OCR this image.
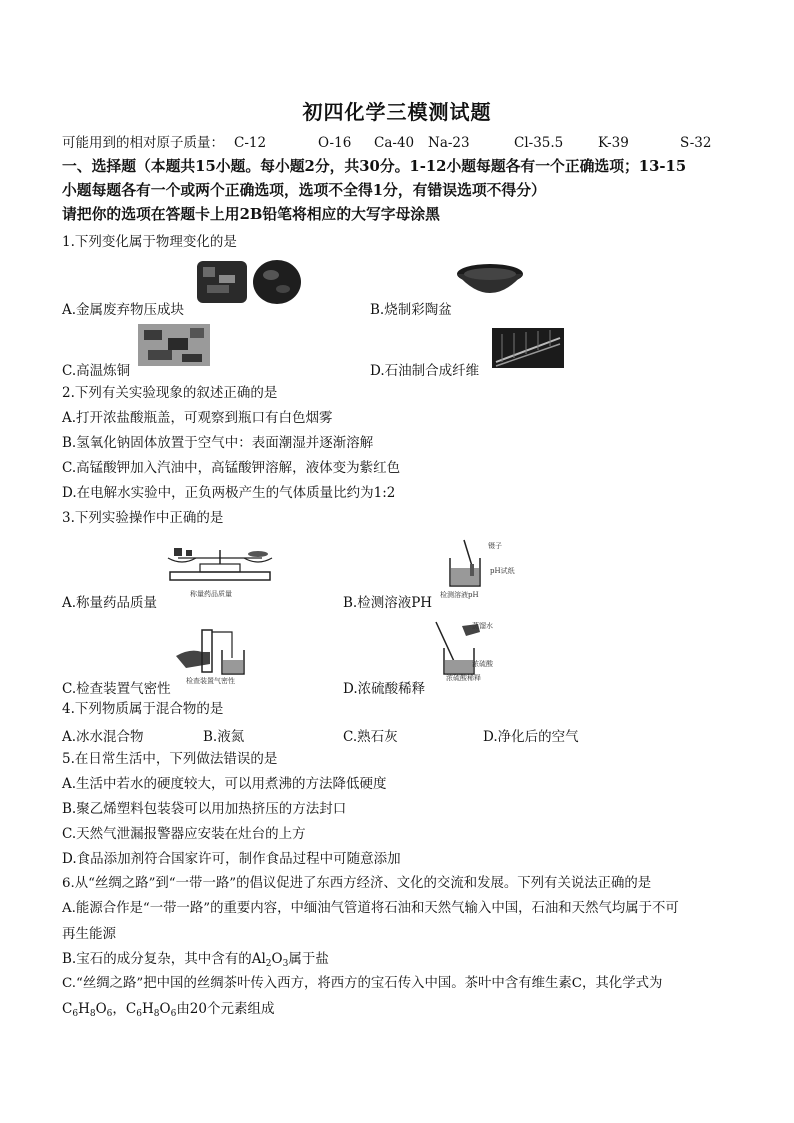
初四化学三模测试题
可能用到的相对原子质量： C-12	O-16 Ca-40 Na-23	Cl-35.5	K-39	S-32
一、选择题（本题共15小题。每小题2分，共30分。1-12小题每题各有一个正确选项；13-15
小题每题各有一个或两个正确选项，选项不全得1分，有错误选项不得分）
请把你的选项在答题卡上用2B铅笔将相应的大写字母涂黑
1.下列变化属于物理变化的是
A.金属废弃物压成块	B.烧制彩陶盆
C.高温炼铜	D.石油制合成纤维
2.下列有关实验现象的叙述正确的是
A.打开浓盐酸瓶盖，可观察到瓶口有白色烟雾
B.氢氧化钠固体放置于空气中：表面潮湿并逐渐溶解
C.高锰酸钾加入汽油中，高锰酸钾溶解，液体变为紫红色
D.在电解水实验中，正负两极产生的气体质量比约为1:2
3.下列实验操作中正确的是
称量药品质量
A.称量药品质量
镊子
pH试纸
检测溶液pH
B.检测溶液PH
检查装置气密性
C.检查装置气密性
蒸馏水
浓硫酸
浓硫酸稀释
D.浓硫酸稀释
4.下列物质属于混合物的是
A.冰水混合物	B.液氮	C.熟石灰	D.净化后的空气
5.在日常生活中，下列做法错误的是
A.生活中若水的硬度较大，可以用煮沸的方法降低硬度
B.聚乙烯塑料包装袋可以用加热挤压的方法封口
C.天然气泄漏报警器应安装在灶台的上方
D.食品添加剂符合国家许可，制作食品过程中可随意添加
6.从“丝绸之路”到“一带一路”的倡议促进了东西方经济、文化的交流和发展。下列有关说法正确的是
A.能源合作是“一带一路”的重要内容，中缅油气管道将石油和天然气输入中国，石油和天然气均属于不可
再生能源
B.宝石的成分复杂，其中含有的$Al_2O_3$属于盐
C.“丝绸之路”把中国的丝绸茶叶传入西方，将西方的宝石传入中国。茶叶中含有维生素C，其化学式为
$C_6H_8O_6$，$C_6H_8O_6$由20个元素组成
